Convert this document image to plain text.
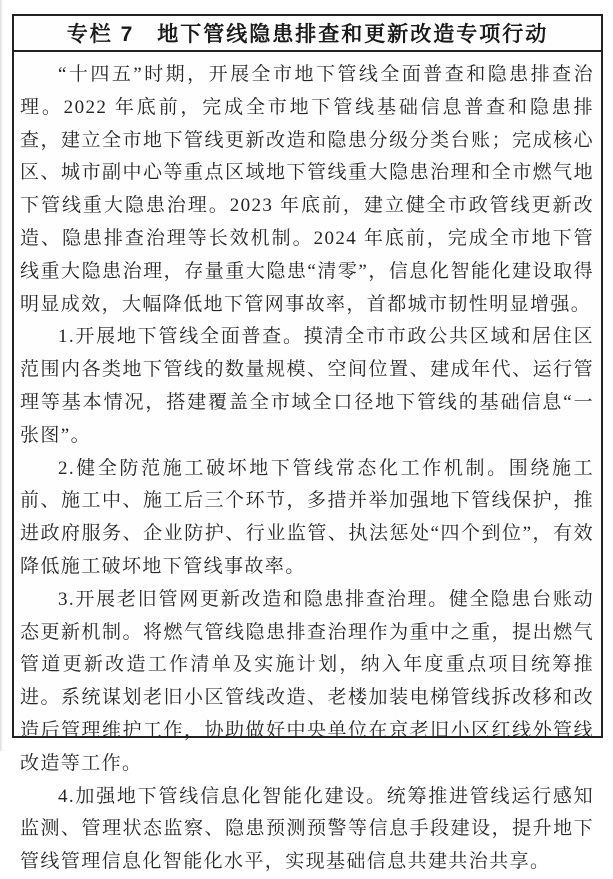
专栏 7　地下管线隐患排查和更新改造专项行动

“十四五”时期，开展全市地下管线全面普查和隐患排查治理。2022 年底前，完成全市地下管线基础信息普查和隐患排查，建立全市地下管线更新改造和隐患分级分类台账；完成核心区、城市副中心等重点区域地下管线重大隐患治理和全市燃气地下管线重大隐患治理。2023 年底前，建立健全市政管线更新改造、隐患排查治理等长效机制。2024 年底前，完成全市地下管线重大隐患治理，存量重大隐患“清零”，信息化智能化建设取得明显成效，大幅降低地下管网事故率，首都城市韧性明显增强。

1.开展地下管线全面普查。摸清全市市政公共区域和居住区范围内各类地下管线的数量规模、空间位置、建成年代、运行管理等基本情况，搭建覆盖全市域全口径地下管线的基础信息“一张图”。

2.健全防范施工破坏地下管线常态化工作机制。围绕施工前、施工中、施工后三个环节，多措并举加强地下管线保护，推进政府服务、企业防护、行业监管、执法惩处“四个到位”，有效降低施工破坏地下管线事故率。

3.开展老旧管网更新改造和隐患排查治理。健全隐患台账动态更新机制。将燃气管线隐患排查治理作为重中之重，提出燃气管道更新改造工作清单及实施计划，纳入年度重点项目统筹推进。系统谋划老旧小区管线改造、老楼加装电梯管线拆改移和改造后管理维护工作，协助做好中央单位在京老旧小区红线外管线改造等工作。

4.加强地下管线信息化智能化建设。统筹推进管线运行感知监测、管理状态监察、隐患预测预警等信息手段建设，提升地下管线管理信息化智能化水平，实现基础信息共建共治共享。
